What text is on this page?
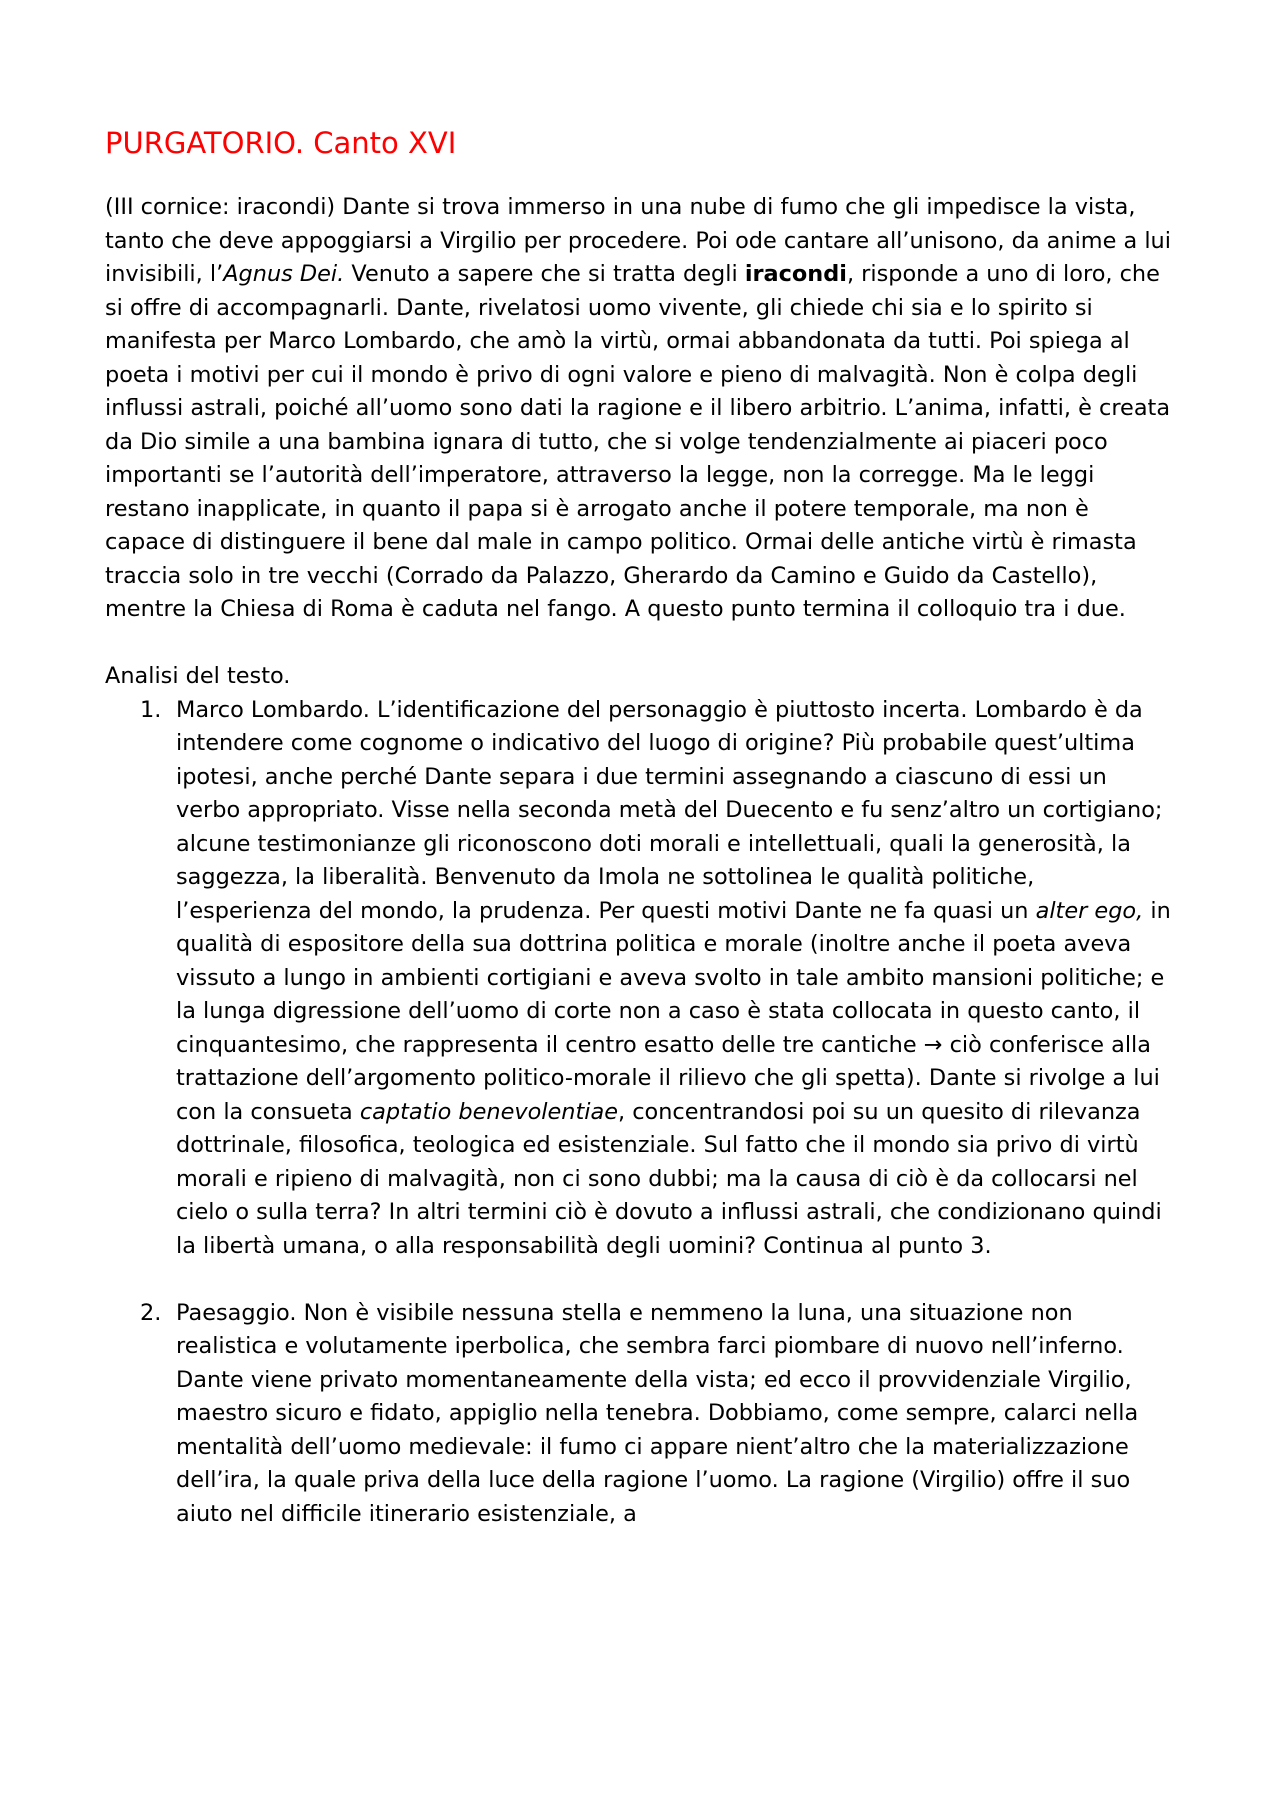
PURGATORIO. Canto XVI

(III cornice: iracondi) Dante si trova immerso in una nube di fumo che gli impedisce la vista, tanto che deve appoggiarsi a Virgilio per procedere. Poi ode cantare all’unisono, da anime a lui invisibili, l’Agnus Dei. Venuto a sapere che si tratta degli iracondi, risponde a uno di loro, che si offre di accompagnarli. Dante, rivelatosi uomo vivente, gli chiede chi sia e lo spirito si manifesta per Marco Lombardo, che amò la virtù, ormai abbandonata da tutti. Poi spiega al poeta i motivi per cui il mondo è privo di ogni valore e pieno di malvagità. Non è colpa degli influssi astrali, poiché all’uomo sono dati la ragione e il libero arbitrio. L’anima, infatti, è creata da Dio simile a una bambina ignara di tutto, che si volge tendenzialmente ai piaceri poco importanti se l’autorità dell’imperatore, attraverso la legge, non la corregge. Ma le leggi restano inapplicate, in quanto il papa si è arrogato anche il potere temporale, ma non è capace di distinguere il bene dal male in campo politico. Ormai delle antiche virtù è rimasta traccia solo in tre vecchi (Corrado da Palazzo, Gherardo da Camino e Guido da Castello), mentre la Chiesa di Roma è caduta nel fango. A questo punto termina il colloquio tra i due.

Analisi del testo.

1. Marco Lombardo. L’identificazione del personaggio è piuttosto incerta. Lombardo è da intendere come cognome o indicativo del luogo di origine? Più probabile quest’ultima ipotesi, anche perché Dante separa i due termini assegnando a ciascuno di essi un verbo appropriato. Visse nella seconda metà del Duecento e fu senz’altro un cortigiano; alcune testimonianze gli riconoscono doti morali e intellettuali, quali la generosità, la saggezza, la liberalità. Benvenuto da Imola ne sottolinea le qualità politiche, l’esperienza del mondo, la prudenza. Per questi motivi Dante ne fa quasi un alter ego, in qualità di espositore della sua dottrina politica e morale (inoltre anche il poeta aveva vissuto a lungo in ambienti cortigiani e aveva svolto in tale ambito mansioni politiche; e la lunga digressione dell’uomo di corte non a caso è stata collocata in questo canto, il cinquantesimo, che rappresenta il centro esatto delle tre cantiche → ciò conferisce alla trattazione dell’argomento politico-morale il rilievo che gli spetta). Dante si rivolge a lui con la consueta captatio benevolentiae, concentrandosi poi su un quesito di rilevanza dottrinale, filosofica, teologica ed esistenziale. Sul fatto che il mondo sia privo di virtù morali e ripieno di malvagità, non ci sono dubbi; ma la causa di ciò è da collocarsi nel cielo o sulla terra? In altri termini ciò è dovuto a influssi astrali, che condizionano quindi la libertà umana, o alla responsabilità degli uomini? Continua al punto 3.
2. Paesaggio. Non è visibile nessuna stella e nemmeno la luna, una situazione non realistica e volutamente iperbolica, che sembra farci piombare di nuovo nell’inferno. Dante viene privato momentaneamente della vista; ed ecco il provvidenziale Virgilio, maestro sicuro e fidato, appiglio nella tenebra. Dobbiamo, come sempre, calarci nella mentalità dell’uomo medievale: il fumo ci appare nient’altro che la materializzazione dell’ira, la quale priva della luce della ragione l’uomo. La ragione (Virgilio) offre il suo aiuto nel difficile itinerario esistenziale, a
